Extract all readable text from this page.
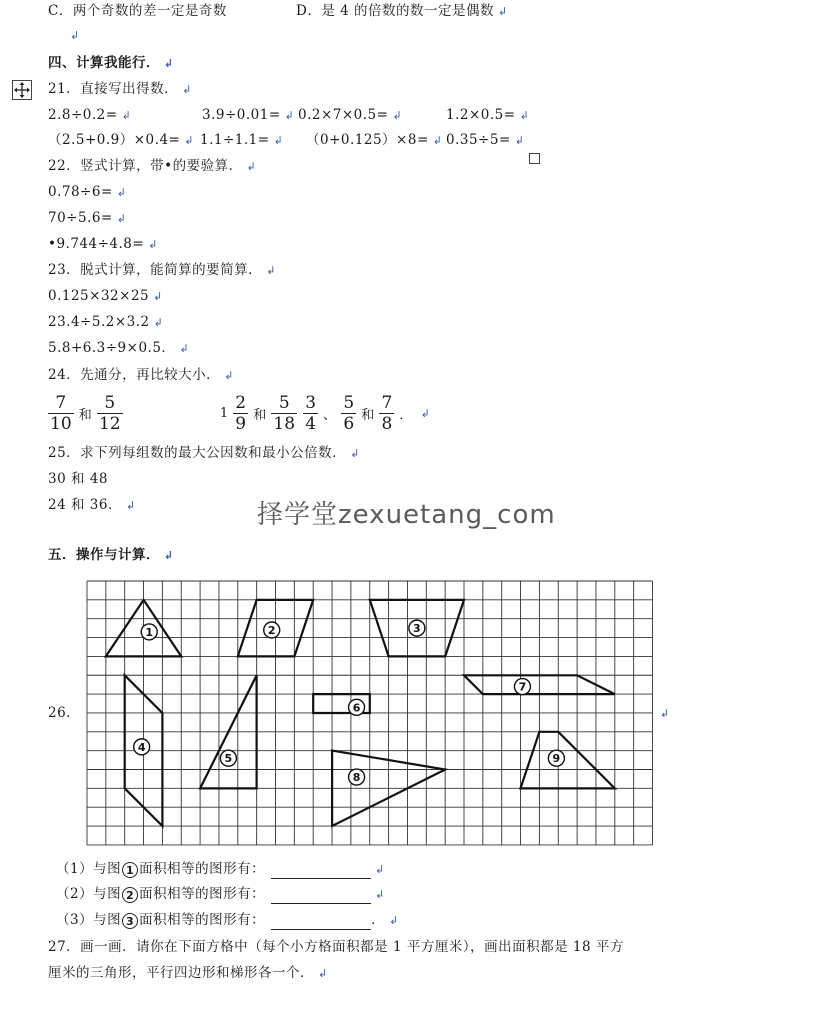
C．两个奇数的差一定是奇数	D．是 4 的倍数的数一定是偶数 ↲
↲
四、计算我能行． ↲
21．直接写出得数． ↲
2.8÷0.2= ↲	3.9÷0.01= ↲ 0.2×7×0.5= ↲	1.2×0.5= ↲
（2.5+0.9）×0.4= ↲ 1.1÷1.1= ↲ （0+0.125）×8= ↲ 0.35÷5= ↲
22．竖式计算，带•的要验算． ↲
0.78÷6= ↲
70÷5.6= ↲
•9.744÷4.8= ↲
23．脱式计算，能简算的要简算． ↲
0.125×32×25 ↲
23.4÷5.2×3.2 ↲
5.8+6.3÷9×0.5． ↲
24．先通分，再比较大小． ↲
$\frac{7}{10}$ 和 $\frac{5}{12}$	$1 \frac{2}{9}$ 和 $\frac{5}{18}$
$\frac{3}{4}$ 、 $\frac{5}{6}$ 和 $\frac{7}{8}$ ． ↲
25．求下列每组数的最大公因数和最小公倍数． ↲
30 和 48
24 和 36． ↲	择学堂zexuetang_com
五．操作与计算． ↲
1	2	3
4
5
6
7
8
9
26．	↲
（1）与图 1 面积相等的图形有：	↲
（2）与图 2 面积相等的图形有：	↲
（3）与图 3 面积相等的图形有：	． ↲
27．画一画．请你在下面方格中（每个小方格面积都是 1 平方厘米），画出面积都是 18 平方
厘米的三角形，平行四边形和梯形各一个． ↲
